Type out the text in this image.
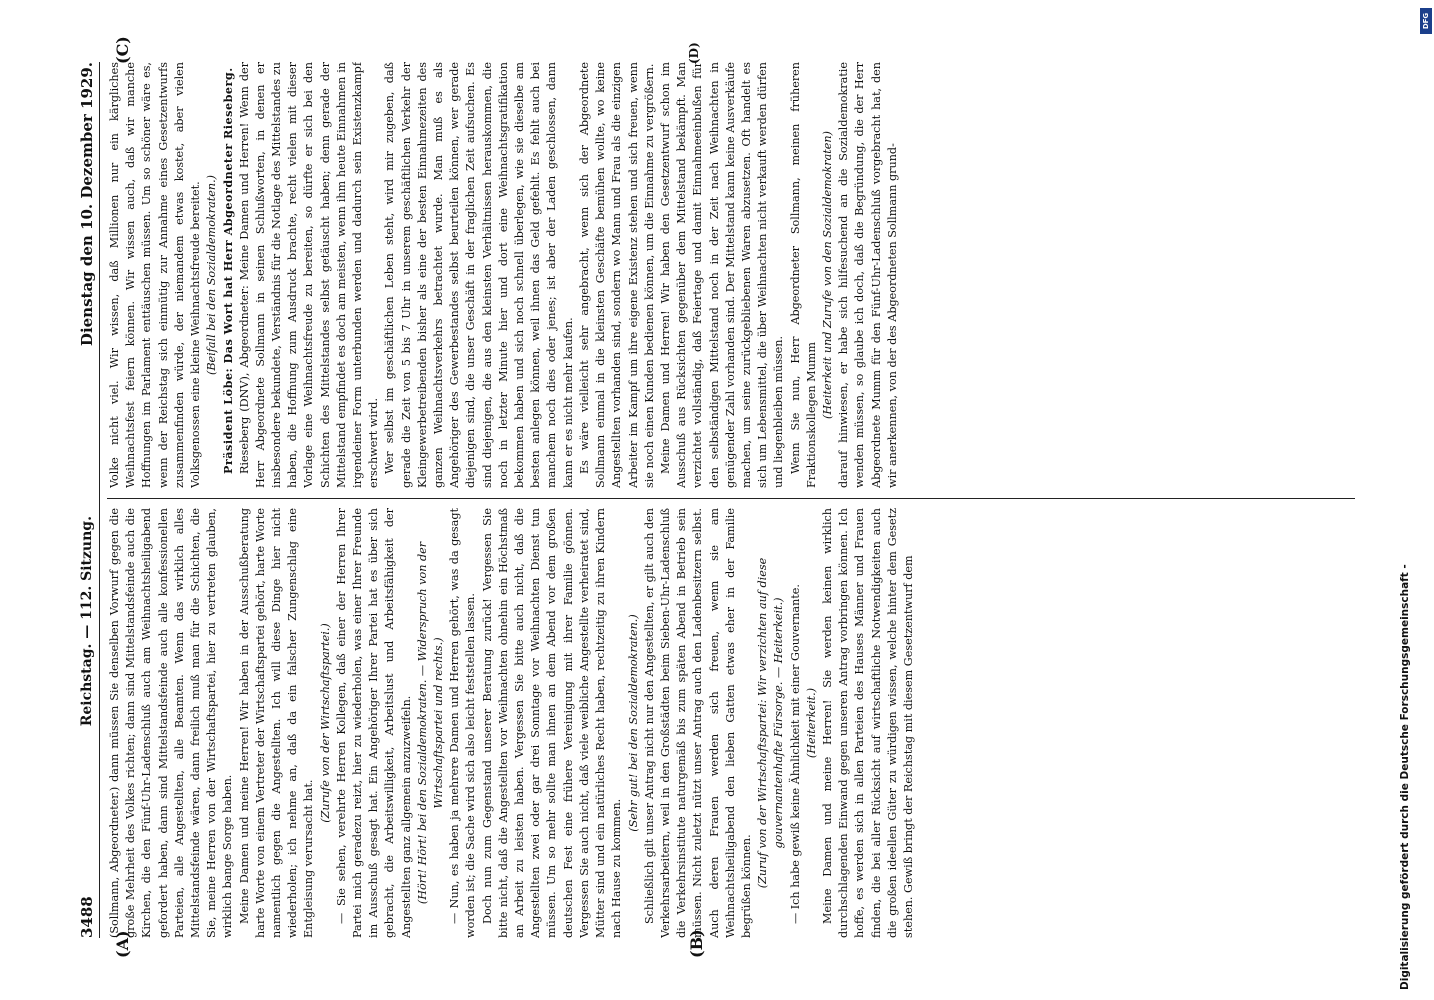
3488
Reichstag. — 112. Sitzung.
Dienstag den 10. Dezember 1929.
(A)	(B)
(C)	(D)

(Sollmann, Abgeordneter.) dann müssen Sie denselben Vorwurf gegen die große Mehrheit des Volkes richten; dann sind Mittelstandsfeinde auch die Kirchen, die den Fünf-Uhr-Ladenschluß auch am Weihnachtsheiligabend gefordert haben, dann sind Mittelstandsfeinde auch alle konfessionellen Parteien, alle Angestellten, alle Beamten. Wenn das wirklich alles Mittelstandsfeinde wären, dann freilich muß man für die Schichten, die Sie, meine Herren von der Wirtschaftspartei, hier zu vertreten glauben, wirklich bange Sorge haben. Meine Damen und meine Herren! Wir haben in der Ausschußberatung harte Worte von einem Vertreter der Wirtschaftspartei gehört, harte Worte namentlich gegen die Angestellten. Ich will diese Dinge hier nicht wiederholen; ich nehme an, daß da ein falscher Zungenschlag eine Entgleisung verursacht hat.

(Zurufe von der Wirtschaftspartei.) — Sie sehen, verehrte Herren Kollegen, daß einer der Herren Ihrer Partei mich geradezu reizt, hier zu wiederholen, was einer Ihrer Freunde im Ausschuß gesagt hat. Ein Angehöriger Ihrer Partei hat es über sich gebracht, die Arbeitswilligkeit, Arbeitslust und Arbeitsfähigkeit der Angestellten ganz allgemein anzuzweifeln. (Hört! Hört! bei den Sozialdemokraten. — Widerspruch von der Wirtschaftspartei und rechts.) — Nun, es haben ja mehrere Damen und Herren gehört, was da gesagt worden ist; die Sache wird sich also leicht feststellen lassen. Doch nun zum Gegenstand unserer Beratung zurück! Vergessen Sie bitte nicht, daß die Angestellten vor Weihnachten ohnehin ein Höchstmaß an Arbeit zu leisten haben. Vergessen Sie bitte auch nicht, daß die Angestellten zwei oder gar drei Sonntage vor Weihnachten Dienst tun müssen. Um so mehr sollte man ihnen an dem Abend vor dem großen deutschen Fest eine frühere Vereinigung mit ihrer Familie gönnen. Vergessen Sie auch nicht, daß viele weibliche Angestellte verheiratet sind, Mütter sind und ein natürliches Recht haben, rechtzeitig zu ihren Kindern nach Hause zu kommen.

(Sehr gut! bei den Sozialdemokraten.) Schließlich gilt unser Antrag nicht nur den Angestellten, er gilt auch den Verkehrsarbeitern, weil in den Großstädten beim Sieben-Uhr-Ladenschluß die Verkehrsinstitute naturgemäß bis zum späten Abend in Betrieb sein müssen. Nicht zuletzt nützt unser Antrag auch den Ladenbesitzern selbst. Auch deren Frauen werden sich freuen, wenn sie am Weihnachtsheiligabend den lieben Gatten etwas eher in der Familie begrüßen können. (Zuruf von der Wirtschaftspartei: Wir verzichten auf diese gouvernantenhafte Fürsorge. — Heiterkeit.) — Ich habe gewiß keine Ähnlichkeit mit einer Gouvernante. (Heiterkeit.) Meine Damen und meine Herren! Sie werden keinen wirklich durchschlagenden Einwand gegen unseren Antrag vorbringen können. Ich hoffe, es werden sich in allen Parteien des Hauses Männer und Frauen finden, die bei aller Rücksicht auf wirtschaftliche Notwendigkeiten auch die großen ideellen Güter zu würdigen wissen, welche hinter dem Gesetz stehen. Gewiß bringt der Reichstag mit diesem Gesetzentwurf dem

Volke nicht viel. Wir wissen, daß Millionen nur ein kärgliches Weihnachtsfest feiern können. Wir wissen auch, daß wir manche Hoffnungen im Parlament enttäuschen müssen. Um so schöner wäre es, wenn der Reichstag sich einmütig zur Annahme eines Gesetzentwurfs zusammenfinden würde, der niemandem etwas kostet, aber vielen Volksgenossen eine kleine Weihnachtsfreude bereitet. (Beifall bei den Sozialdemokraten.) Präsident Löbe: Das Wort hat Herr Abgeordneter Rieseberg. Rieseberg (DNV), Abgeordneter: Meine Damen und Herren! Wenn der Herr Abgeordnete Sollmann in seinen Schlußworten, in denen er insbesondere bekundete, Verständnis für die Notlage des Mittelstandes zu haben, die Hoffnung zum Ausdruck brachte, recht vielen mit dieser Vorlage eine Weihnachtsfreude zu bereiten, so dürfte er sich bei den Schichten des Mittelstandes selbst getäuscht haben; denn gerade der Mittelstand empfindet es doch am meisten, wenn ihm heute Einnahmen in irgendeiner Form unterbunden werden und dadurch sein Existenzkampf erschwert wird. Wer selbst im geschäftlichen Leben steht, wird mir zugeben, daß gerade die Zeit von 5 bis 7 Uhr in unserem geschäftlichen Verkehr der Kleingewerbetreibenden bisher als eine der besten Einnahmezeiten des ganzen Weihnachtsverkehrs betrachtet wurde. Man muß es als Angehöriger des Gewerbestandes selbst beurteilen können, wer gerade diejenigen sind, die unser Geschäft in der fraglichen Zeit aufsuchen. Es sind diejenigen, die aus den kleinsten Verhältnissen herauskommen, die noch in letzter Minute hier und dort eine Weihnachtsgratifikation bekommen haben und sich noch schnell überlegen, wie sie dieselbe am besten anlegen können, weil ihnen das Geld gefehlt. Es fehlt auch bei manchem noch dies oder jenes; ist aber der Laden geschlossen, dann kann er es nicht mehr kaufen. Es wäre vielleicht sehr angebracht, wenn sich der Abgeordnete Sollmann einmal in die kleinsten Geschäfte bemühen wollte, wo keine Angestellten vorhanden sind, sondern wo Mann und Frau als die einzigen Arbeiter im Kampf um ihre eigene Existenz stehen und sich freuen, wenn sie noch einen Kunden bedienen können, um die Einnahme zu vergrößern. Meine Damen und Herren! Wir haben den Gesetzentwurf schon im Ausschuß aus Rücksichten gegenüber dem Mittelstand bekämpft. Man verzichtet vollständig, daß Feiertage und damit Einnahmeeinbußen für den selbständigen Mittelstand noch in der Zeit nach Weihnachten in genügender Zahl vorhanden sind. Der Mittelstand kann keine Ausverkäufe machen, um seine zurückgebliebenen Waren abzusetzen. Oft handelt es sich um Lebensmittel, die über Weihnachten nicht verkauft werden dürfen und liegenbleiben müssen. Wenn Sie nun, Herr Abgeordneter Sollmann, meinen früheren Fraktionskollegen Mumm (Heiterkeit und Zurufe von den Sozialdemokraten) darauf hinwiesen, er habe sich hilfesuchend an die Sozialdemokratie wenden müssen, so glaube ich doch, daß die Begründung, die der Herr Abgeordnete Mumm für den Fünf-Uhr-Ladenschluß vorgebracht hat, den wir anerkennen, von der des Abgeordneten Sollmann grund-

DFG
Digitalisierung gefördert durch die Deutsche Forschungsgemeinschaft -
